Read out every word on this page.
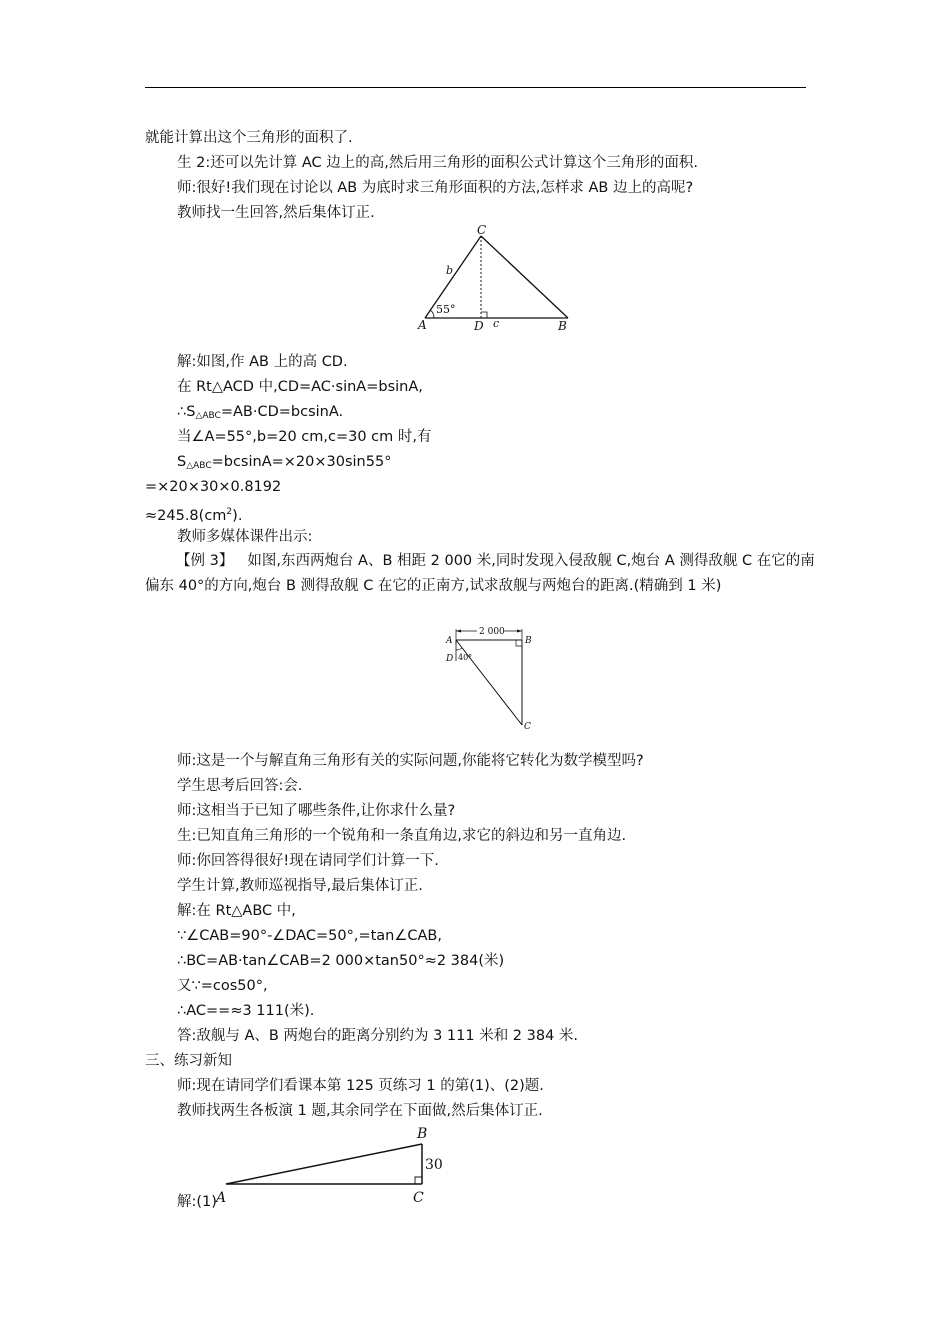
就能计算出这个三角形的面积了.
生 2:还可以先计算 AC 边上的高,然后用三角形的面积公式计算这个三角形的面积.
师:很好!我们现在讨论以 AB 为底时求三角形面积的方法,怎样求 AB 边上的高呢?
教师找一生回答,然后集体订正.
C
b
55°
A	D c	B
解:如图,作 AB 上的高 CD.
在 Rt△ACD 中,CD=AC·sinA=bsinA,
$\therefore S_{\triangle ABC}=AB\cdot CD=bcsinA$.
当∠A=55°,b=20 cm,c=30 cm 时,有
$S_{\triangle ABC}=bcsinA=\times 20\times 30\sin 55^\circ$
=×20×30×0.8192
$\approx 245.8(cm^2)$.
教师多媒体课件出示:
【例 3】 如图,东西两炮台 A、B 相距 2 000 米,同时发现入侵敌舰 C,炮台 A 测得敌舰 C 在它的南偏东 40°的方向,炮台 B 测得敌舰 C 在它的正南方,试求敌舰与两炮台的距离.(精确到 1 米)
2 000
A	B
D 40°
C
师:这是一个与解直角三角形有关的实际问题,你能将它转化为数学模型吗?
学生思考后回答:会.
师:这相当于已知了哪些条件,让你求什么量?
生:已知直角三角形的一个锐角和一条直角边,求它的斜边和另一直角边.
师:你回答得很好!现在请同学们计算一下.
学生计算,教师巡视指导,最后集体订正.
解:在 Rt△ABC 中,
∵∠CAB=90°-∠DAC=50°,=tan∠CAB,
∴BC=AB·tan∠CAB=2 000×tan50°≈2 384(米)
又∵=cos50°,
∴AC==≈3 111(米).
答:敌舰与 A、B 两炮台的距离分别约为 3 111 米和 2 384 米.
三、练习新知
师:现在请同学们看课本第 125 页练习 1 的第(1)、(2)题.
教师找两生各板演 1 题,其余同学在下面做,然后集体订正.
B
30
A	C
解:(1)
